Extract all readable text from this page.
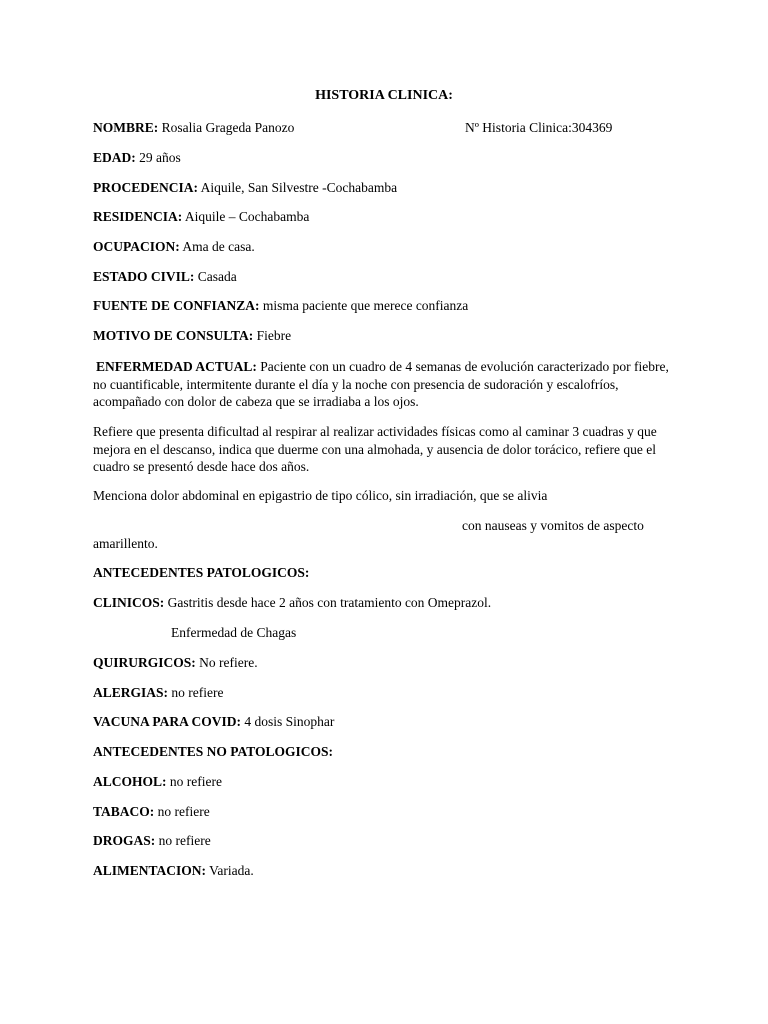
HISTORIA CLINICA:
NOMBRE: Rosalia Grageda Panozo	Nº Historia Clinica:304369
EDAD: 29 años
PROCEDENCIA: Aiquile, San Silvestre -Cochabamba
RESIDENCIA: Aiquile – Cochabamba
OCUPACION: Ama de casa.
ESTADO CIVIL: Casada
FUENTE DE CONFIANZA: misma paciente que merece confianza
MOTIVO DE CONSULTA: Fiebre
ENFERMEDAD ACTUAL: Paciente con un cuadro de 4 semanas de evolución caracterizado por fiebre, no cuantificable, intermitente durante el día y la noche con presencia de sudoración y escalofríos, acompañado con dolor de cabeza que se irradiaba a los ojos.
Refiere que presenta dificultad al respirar al realizar actividades físicas como al caminar 3 cuadras y que mejora en el descanso, indica que duerme con una almohada, y ausencia de dolor torácico, refiere que el cuadro se presentó desde hace dos años.
Menciona dolor abdominal en epigastrio de tipo cólico, sin irradiación, que se alivia
con nauseas y vomitos de aspecto
amarillento.
ANTECEDENTES PATOLOGICOS:
CLINICOS: Gastritis desde hace 2 años con tratamiento con Omeprazol.
Enfermedad de Chagas
QUIRURGICOS: No refiere.
ALERGIAS: no refiere
VACUNA PARA COVID: 4 dosis Sinophar
ANTECEDENTES NO PATOLOGICOS:
ALCOHOL: no refiere
TABACO: no refiere
DROGAS: no refiere
ALIMENTACION: Variada.
